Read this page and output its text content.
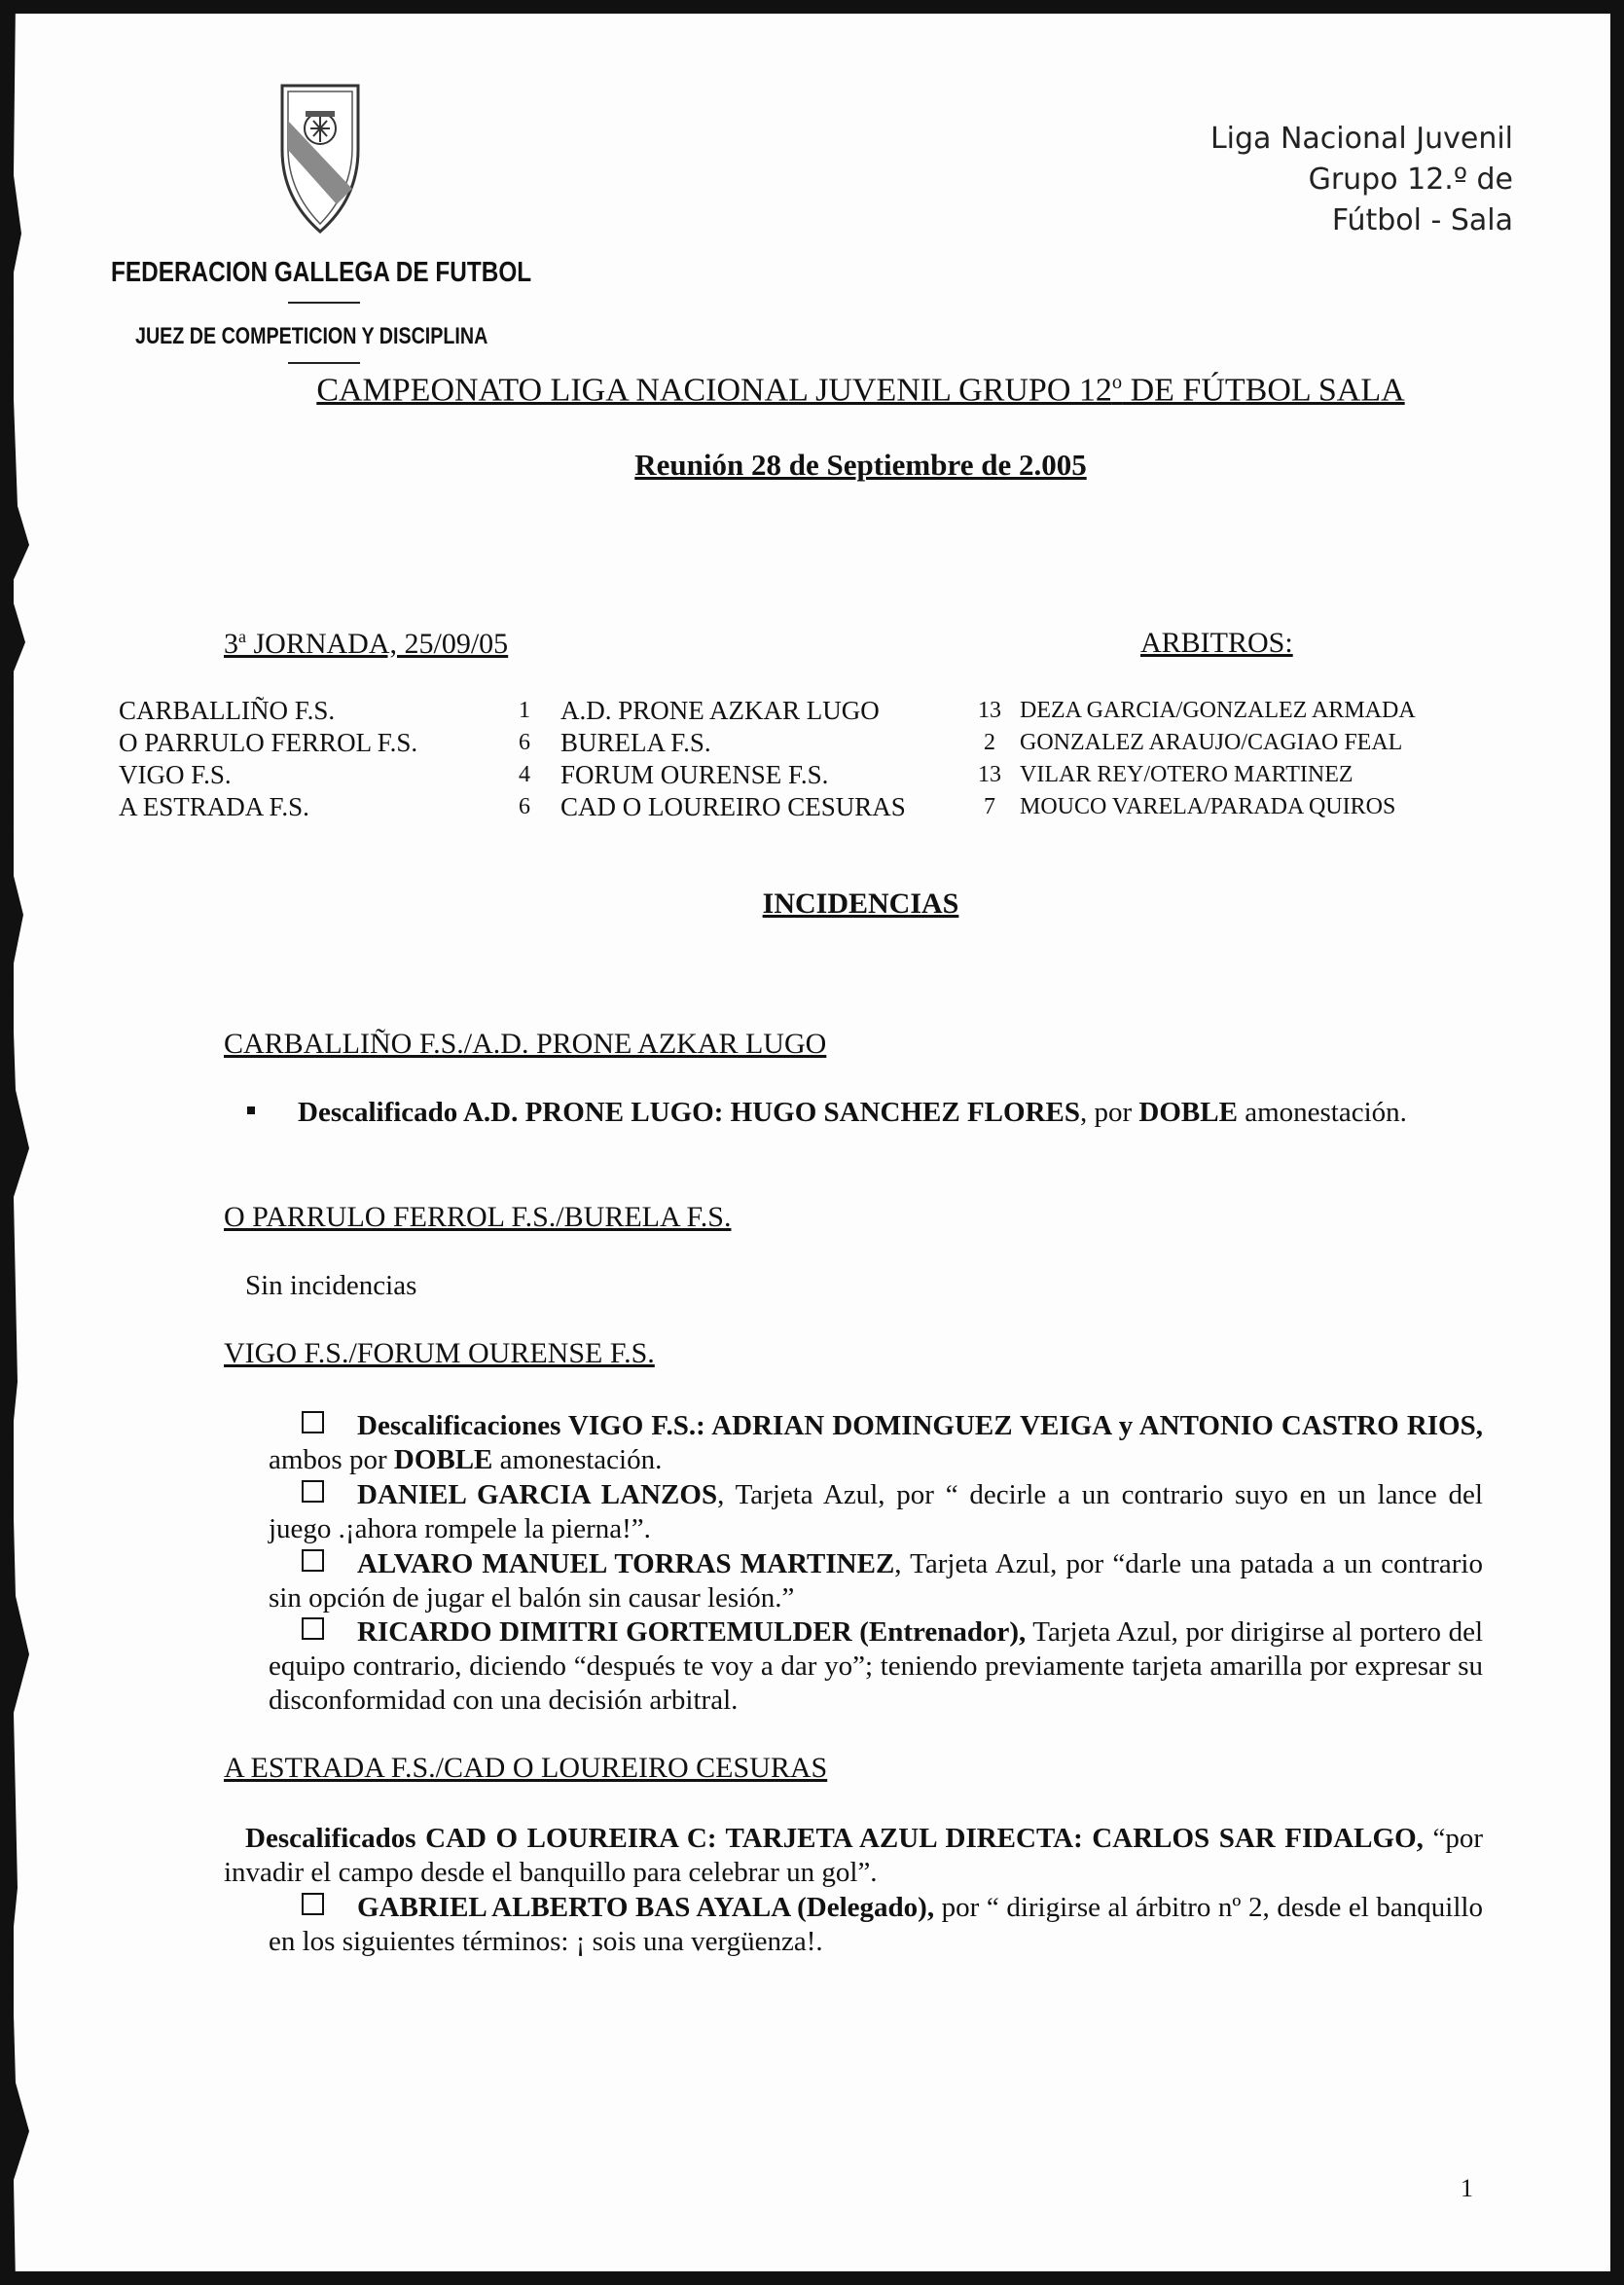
FEDERACION GALLEGA DE FUTBOL
JUEZ DE COMPETICION Y DISCIPLINA
Liga Nacional Juvenil
Grupo 12.º de
Fútbol - Sala
CAMPEONATO LIGA NACIONAL JUVENIL GRUPO 12$^o$ DE FÚTBOL SALA
Reunión 28 de Septiembre de 2.005
3$^a$ JORNADA, 25/09/05	ARBITROS:
CARBALLIÑO F.S.
O PARRULO FERROL F.S.
VIGO F.S.
A ESTRADA F.S.
1
6
4
6
A.D. PRONE AZKAR LUGO
BURELA F.S.
FORUM OURENSE F.S.
CAD O LOUREIRO CESURAS
13
2
13
7
DEZA GARCIA/GONZALEZ ARMADA
GONZALEZ ARAUJO/CAGIAO FEAL
VILAR REY/OTERO MARTINEZ
MOUCO VARELA/PARADA QUIROS
INCIDENCIAS
CARBALLIÑO F.S./A.D. PRONE AZKAR LUGO
Descalificado A.D. PRONE LUGO: HUGO SANCHEZ FLORES, por DOBLE amonestación.
O PARRULO FERROL F.S./BURELA F.S.
Sin incidencias
VIGO F.S./FORUM OURENSE F.S.
Descalificaciones VIGO F.S.: ADRIAN DOMINGUEZ VEIGA y ANTONIO CASTRO RIOS, ambos por DOBLE amonestación.
DANIEL GARCIA LANZOS, Tarjeta Azul, por “ decirle a un contrario suyo en un lance del juego .¡ahora rompele la pierna!”.
ALVARO MANUEL TORRAS MARTINEZ, Tarjeta Azul, por “darle una patada a un contrario sin opción de jugar el balón sin causar lesión.”
RICARDO DIMITRI GORTEMULDER (Entrenador), Tarjeta Azul, por dirigirse al portero del equipo contrario, diciendo “después te voy a dar yo”; teniendo previamente tarjeta amarilla por expresar su disconformidad con una decisión arbitral.
A ESTRADA F.S./CAD O LOUREIRO CESURAS
Descalificados CAD O LOUREIRA C: TARJETA AZUL DIRECTA: CARLOS SAR FIDALGO, “por invadir el campo desde el banquillo para celebrar un gol”.
GABRIEL ALBERTO BAS AYALA (Delegado), por “ dirigirse al árbitro nº 2, desde el banquillo en los siguientes términos: ¡ sois una vergüenza!.
1
